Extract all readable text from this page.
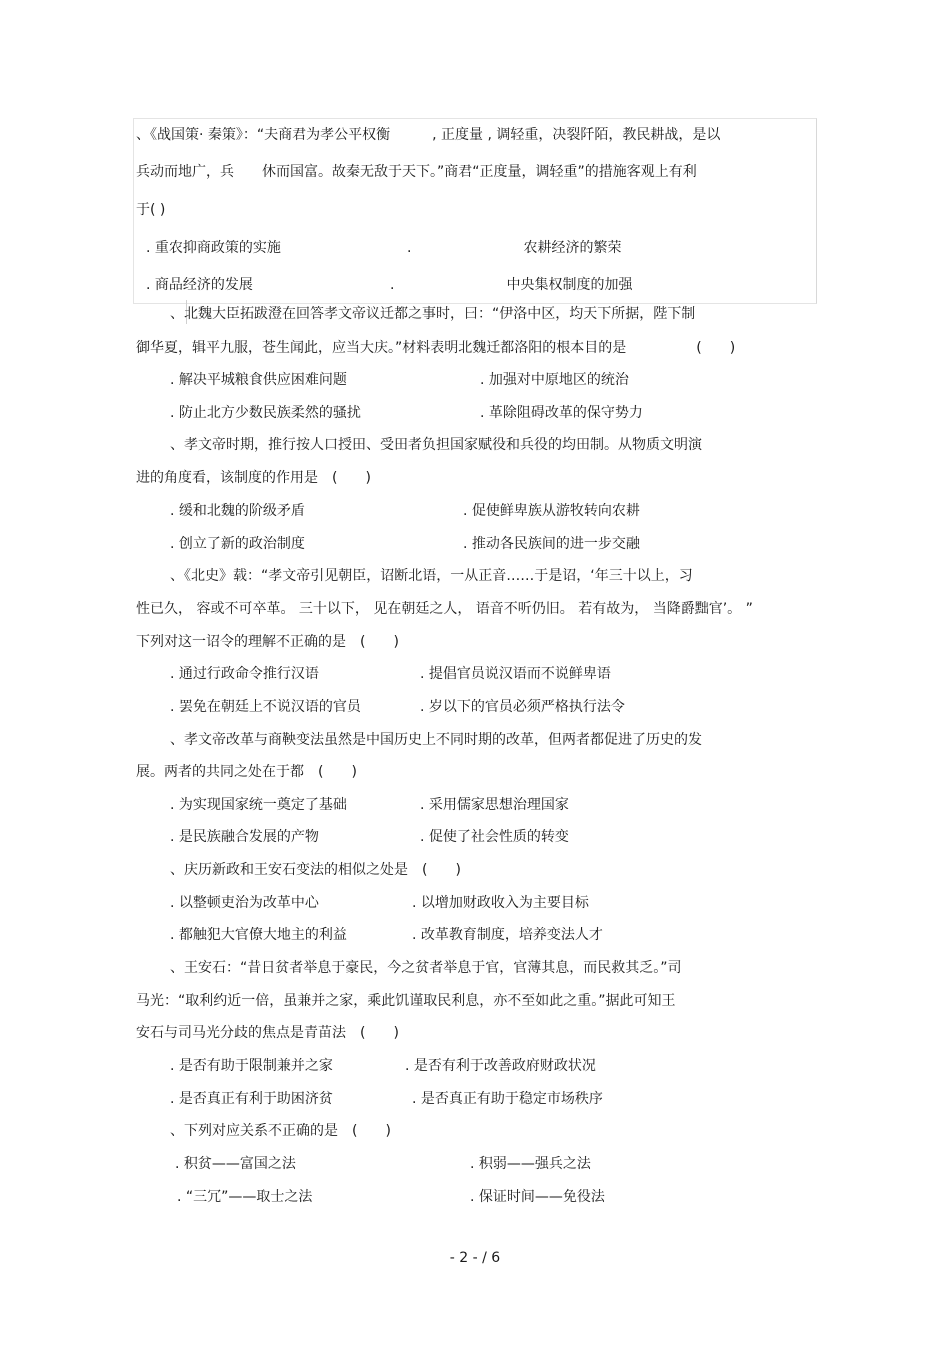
、《战国策· 秦策》：“夫商君为孝公平权衡　　　, 正度量 , 调轻重，决裂阡陌，教民耕战，是以
兵动而地广，兵　　休而国富。故秦无敌于天下。”商君“正度量，调轻重”的措施客观上有利
于( )
. 重农抑商政策的实施	.　　　　　　　　农耕经济的繁荣
. 商品经济的发展	.　　　　　　　　中央集权制度的加强
、北魏大臣拓跋澄在回答孝文帝议迁都之事时，曰：“伊洛中区，均天下所据，陛下制
御华夏，辑平九服，苍生闻此，应当大庆。”材料表明北魏迁都洛阳的根本目的是　　　　　(　　)
. 解决平城粮食供应困难问题	. 加强对中原地区的统治
. 防止北方少数民族柔然的骚扰	. 革除阻碍改革的保守势力
、孝文帝时期，推行按人口授田、受田者负担国家赋役和兵役的均田制。从物质文明演
进的角度看，该制度的作用是　(　　)
. 缓和北魏的阶级矛盾	. 促使鲜卑族从游牧转向农耕
. 创立了新的政治制度	. 推动各民族间的进一步交融
、《北史》载：“孝文帝引见朝臣，诏断北语，一从正音……于是诏，‘年三十以上，习
性已久， 容或不可卒革。 三十以下， 见在朝廷之人， 语音不听仍旧。 若有故为， 当降爵黜官’。 ”
下列对这一诏令的理解不正确的是　(　　)
. 通过行政命令推行汉语	. 提倡官员说汉语而不说鲜卑语
. 罢免在朝廷上不说汉语的官员	. 岁以下的官员必须严格执行法令
、孝文帝改革与商鞅变法虽然是中国历史上不同时期的改革，但两者都促进了历史的发
展。两者的共同之处在于都　(　　)
. 为实现国家统一奠定了基础	. 采用儒家思想治理国家
. 是民族融合发展的产物	. 促使了社会性质的转变
、庆历新政和王安石变法的相似之处是　(　　)
. 以整顿吏治为改革中心	. 以增加财政收入为主要目标
. 都触犯大官僚大地主的利益	. 改革教育制度，培养变法人才
、王安石：“昔日贫者举息于豪民，今之贫者举息于官，官薄其息，而民救其乏。”司
马光：“取利约近一倍，虽兼并之家，乘此饥谨取民利息，亦不至如此之重。”据此可知王
安石与司马光分歧的焦点是青苗法　(　　)
. 是否有助于限制兼并之家	. 是否有利于改善政府财政状况
. 是否真正有利于助困济贫	. 是否真正有助于稳定市场秩序
、下列对应关系不正确的是　(　　)
. 积贫——富国之法	. 积弱——强兵之法
. “三冗”——取士之法	. 保证时间——免役法
- 2 - / 6
